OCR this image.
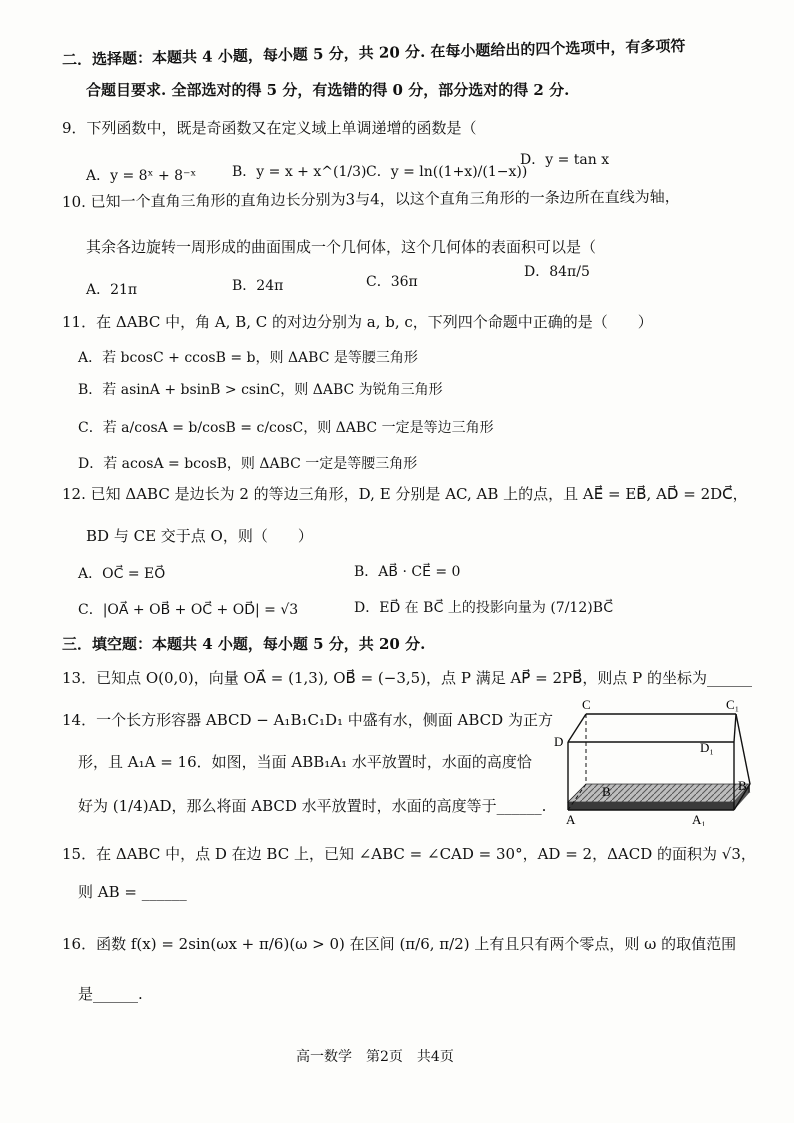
二．选择题：本题共 4 小题，每小题 5 分，共 20 分. 在每小题给出的四个选项中，有多项符
合题目要求. 全部选对的得 5 分，有选错的得 0 分，部分选对的得 2 分.
9．下列函数中，既是奇函数又在定义域上单调递增的函数是（
A．y = 8ˣ + 8⁻ˣ	B．y = x + x^(1/3) C．y = ln((1+x)/(1−x))
D．y = tan x
10. 已知一个直角三角形的直角边长分别为3与4，以这个直角三角形的一条边所在直线为轴，
其余各边旋转一周形成的曲面围成一个几何体，这个几何体的表面积可以是（
A．21π	B．24π	C．36π
D．84π/5
11．在 ΔABC 中，角 A, B, C 的对边分别为 a, b, c，下列四个命题中正确的是（　　）
A．若 bcosC + ccosB = b，则 ΔABC 是等腰三角形
B．若 asinA + bsinB > csinC，则 ΔABC 为锐角三角形
C．若 a/cosA = b/cosB = c/cosC，则 ΔABC 一定是等边三角形
D．若 acosA = bcosB，则 ΔABC 一定是等腰三角形
12. 已知 ΔABC 是边长为 2 的等边三角形，D, E 分别是 AC, AB 上的点，且 AE⃗ = EB⃗, AD⃗ = 2DC⃗，
BD 与 CE 交于点 O，则（　　）
A．OC⃗ = EO⃗	B．AB⃗ · CE⃗ = 0
C．|OA⃗ + OB⃗ + OC⃗ + OD⃗| = √3	D．ED⃗ 在 BC⃗ 上的投影向量为 (7/12)BC⃗
三．填空题：本题共 4 小题，每小题 5 分，共 20 分.
13．已知点 O(0,0)，向量 OA⃗ = (1,3), OB⃗ = (−3,5)，点 P 满足 AP⃗ = 2PB⃗，则点 P 的坐标为______
14．一个长方形容器 ABCD − A₁B₁C₁D₁ 中盛有水，侧面 ABCD 为正方
形，且 A₁A = 16．如图，当面 ABB₁A₁ 水平放置时，水面的高度恰
好为 (1/4)AD，那么将面 ABCD 水平放置时，水面的高度等于______.
C	C₁
D	D₁
B	B₁
A	A₁
15．在 ΔABC 中，点 D 在边 BC 上，已知 ∠ABC = ∠CAD = 30°，AD = 2，ΔACD 的面积为 √3，
则 AB = ______
16．函数 f(x) = 2sin(ωx + π/6)(ω > 0) 在区间 (π/6, π/2) 上有且只有两个零点，则 ω 的取值范围
是______.
高一数学　第2页　共4页
